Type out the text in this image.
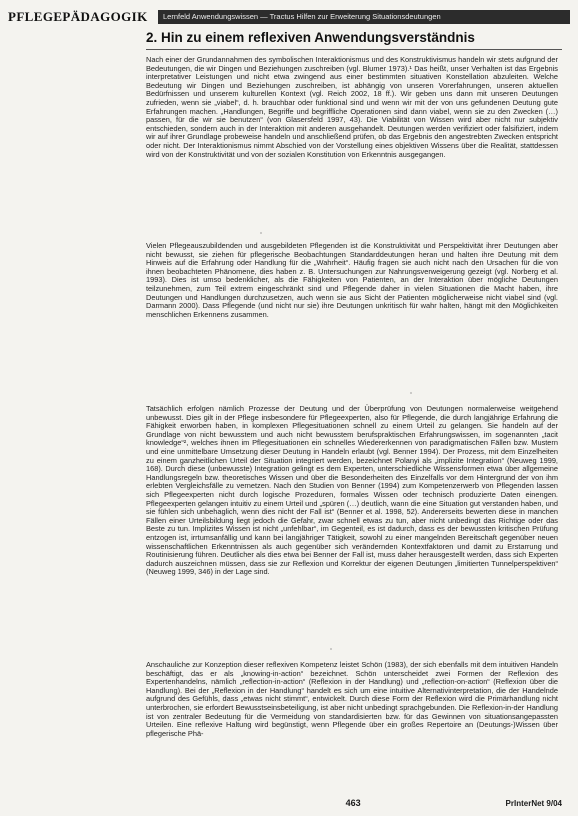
PFLEGEPÄDAGOGIK	Lernfeld Anwendungswissen — Tractus Hilfen zur Erweiterung Situationsdeutungen
2. Hin zu einem reflexiven Anwendungsverständnis

Nach einer der Grundannahmen des symbolischen Interaktionismus und des Konstruktivismus handeln wir stets aufgrund der Bedeutungen, die wir Dingen und Beziehungen zuschreiben (vgl. Blumer 1973).¹ Das heißt, unser Verhalten ist das Ergebnis interpretativer Leistungen und nicht etwa zwingend aus einer bestimmten situativen Konstellation abzuleiten. Welche Bedeutung wir Dingen und Beziehungen zuschreiben, ist abhängig von unseren Vorerfahrungen, unseren aktuellen Bedürfnissen und unserem kulturellen Kontext (vgl. Reich 2002, 18 ff.). Wir geben uns dann mit unseren Deutungen zufrieden, wenn sie „viabel“, d. h. brauchbar oder funktional sind und wenn wir mit der von uns gefundenen Deutung gute Erfahrungen machen. „Handlungen, Begriffe und begriffliche Operationen sind dann viabel, wenn sie zu den Zwecken (…) passen, für die wir sie benutzen“ (von Glasersfeld 1997, 43). Die Viabilität von Wissen wird aber nicht nur subjektiv entschieden, sondern auch in der Interaktion mit anderen ausgehandelt. Deutungen werden verifiziert oder falsifiziert, indem wir auf ihrer Grundlage probeweise handeln und anschließend prüfen, ob das Ergebnis den angestrebten Zwecken entspricht oder nicht. Der Interaktionismus nimmt Abschied von der Vorstellung eines objektiven Wissens über die Realität, stattdessen wird von der Konstruktivität und von der sozialen Konstitution von Erkenntnis ausgegangen.

Vielen Pflegeauszubildenden und ausgebildeten Pflegenden ist die Konstruktivität und Perspektivität ihrer Deutungen aber nicht bewusst, sie ziehen für pflegerische Beobachtungen Standarddeutungen heran und halten ihre Deutung mit dem Hinweis auf die Erfahrung oder Handlung für die „Wahrheit“. Häufig fragen sie auch nicht nach den Ursachen für die von ihnen beobachteten Phänomene, dies haben z. B. Untersuchungen zur Nahrungsverweigerung gezeigt (vgl. Norberg et al. 1993). Dies ist umso bedenklicher, als die Fähigkeiten von Patienten, an der Interaktion über mögliche Deutungen teilzunehmen, zum Teil extrem eingeschränkt sind und Pflegende daher in vielen Situationen die Macht haben, ihre Deutungen und Handlungen durchzusetzen, auch wenn sie aus Sicht der Patienten möglicherweise nicht viabel sind (vgl. Darmann 2000). Dass Pflegende (und nicht nur sie) ihre Deutungen unkritisch für wahr halten, hängt mit den Möglichkeiten menschlichen Erkennens zusammen.

Tatsächlich erfolgen nämlich Prozesse der Deutung und der Überprüfung von Deutungen normalerweise weitgehend unbewusst. Dies gilt in der Pflege insbesondere für Pflegeexperten, also für Pflegende, die durch langjährige Erfahrung die Fähigkeit erworben haben, in komplexen Pflegesituationen schnell zu einem Urteil zu gelangen. Sie handeln auf der Grundlage von nicht bewusstem und auch nicht bewusstem berufspraktischen Erfahrungswissen, im sogenannten „tacit knowledge“², welches ihnen im Pflegesituationen ein schnelles Wiedererkennen von paradigmatischen Fällen bzw. Mustern und eine unmittelbare Umsetzung dieser Deutung in Handeln erlaubt (vgl. Benner 1994). Der Prozess, mit dem Einzelheiten zu einem ganzheitlichen Urteil der Situation integriert werden, bezeichnet Polanyi als „implizite Integration“ (Neuweg 1999, 168). Durch diese (unbewusste) Integration gelingt es dem Experten, unterschiedliche Wissensformen etwa über allgemeine Handlungsregeln bzw. theoretisches Wissen und über die Besonderheiten des Einzelfalls vor dem Hintergrund der von ihm erlebten Vergleichsfälle zu vernetzen. Nach den Studien von Benner (1994) zum Kompetenzerwerb von Pflegenden lassen sich Pflegeexperten nicht durch logische Prozeduren, formales Wissen oder technisch produzierte Daten einengen. Pflegeexperten gelangen intuitiv zu einem Urteil und „spüren (…) deutlich, wann die eine Situation gut verstanden haben, und sie fühlen sich unbehaglich, wenn dies nicht der Fall ist“ (Benner et al. 1998, 52). Andererseits bewerten diese in manchen Fällen einer Urteilsbildung liegt jedoch die Gefahr, zwar schnell etwas zu tun, aber nicht unbedingt das Richtige oder das Beste zu tun. Implizites Wissen ist nicht „unfehlbar“, im Gegenteil, es ist dadurch, dass es der bewussten kritischen Prüfung entzogen ist, irrtumsanfällig und kann bei langjähriger Tätigkeit, sowohl zu einer mangelnden Bereitschaft gegenüber neuen wissenschaftlichen Erkenntnissen als auch gegenüber sich verändernden Kontextfaktoren und damit zu Erstarrung und Routinisierung führen. Deutlicher als dies etwa bei Benner der Fall ist, muss daher herausgestellt werden, dass sich Experten dadurch auszeichnen müssen, dass sie zur Reflexion und Korrektur der eigenen Deutungen „limitierten Tunnelperspektiven“ (Neuweg 1999, 346) in der Lage sind.

Anschauliche zur Konzeption dieser reflexiven Kompetenz leistet Schön (1983), der sich ebenfalls mit dem intuitiven Handeln beschäftigt, das er als „knowing-in-action“ bezeichnet. Schön unterscheidet zwei Formen der Reflexion des Expertenhandelns, nämlich „reflection-in-action“ (Reflexion in der Handlung) und „reflection-on-action“ (Reflexion über die Handlung). Bei der „Reflexion in der Handlung“ handelt es sich um eine intuitive Alternativinterpretation, die der Handelnde aufgrund des Gefühls, dass „etwas nicht stimmt“, entwickelt. Durch diese Form der Reflexion wird die Primärhandlung nicht unterbrochen, sie erfordert Bewusstseinsbeteiligung, ist aber nicht unbedingt sprachgebunden. Die Reflexion-in-der Handlung ist von zentraler Bedeutung für die Vermeidung von standardisierten bzw. für das Gewinnen von situationsangepassten Urteilen. Eine reflexive Haltung wird begünstigt, wenn Pflegende über ein großes Repertoire an (Deutungs-)Wissen über pflegerische Phä-

463	PrInterNet 9/04
